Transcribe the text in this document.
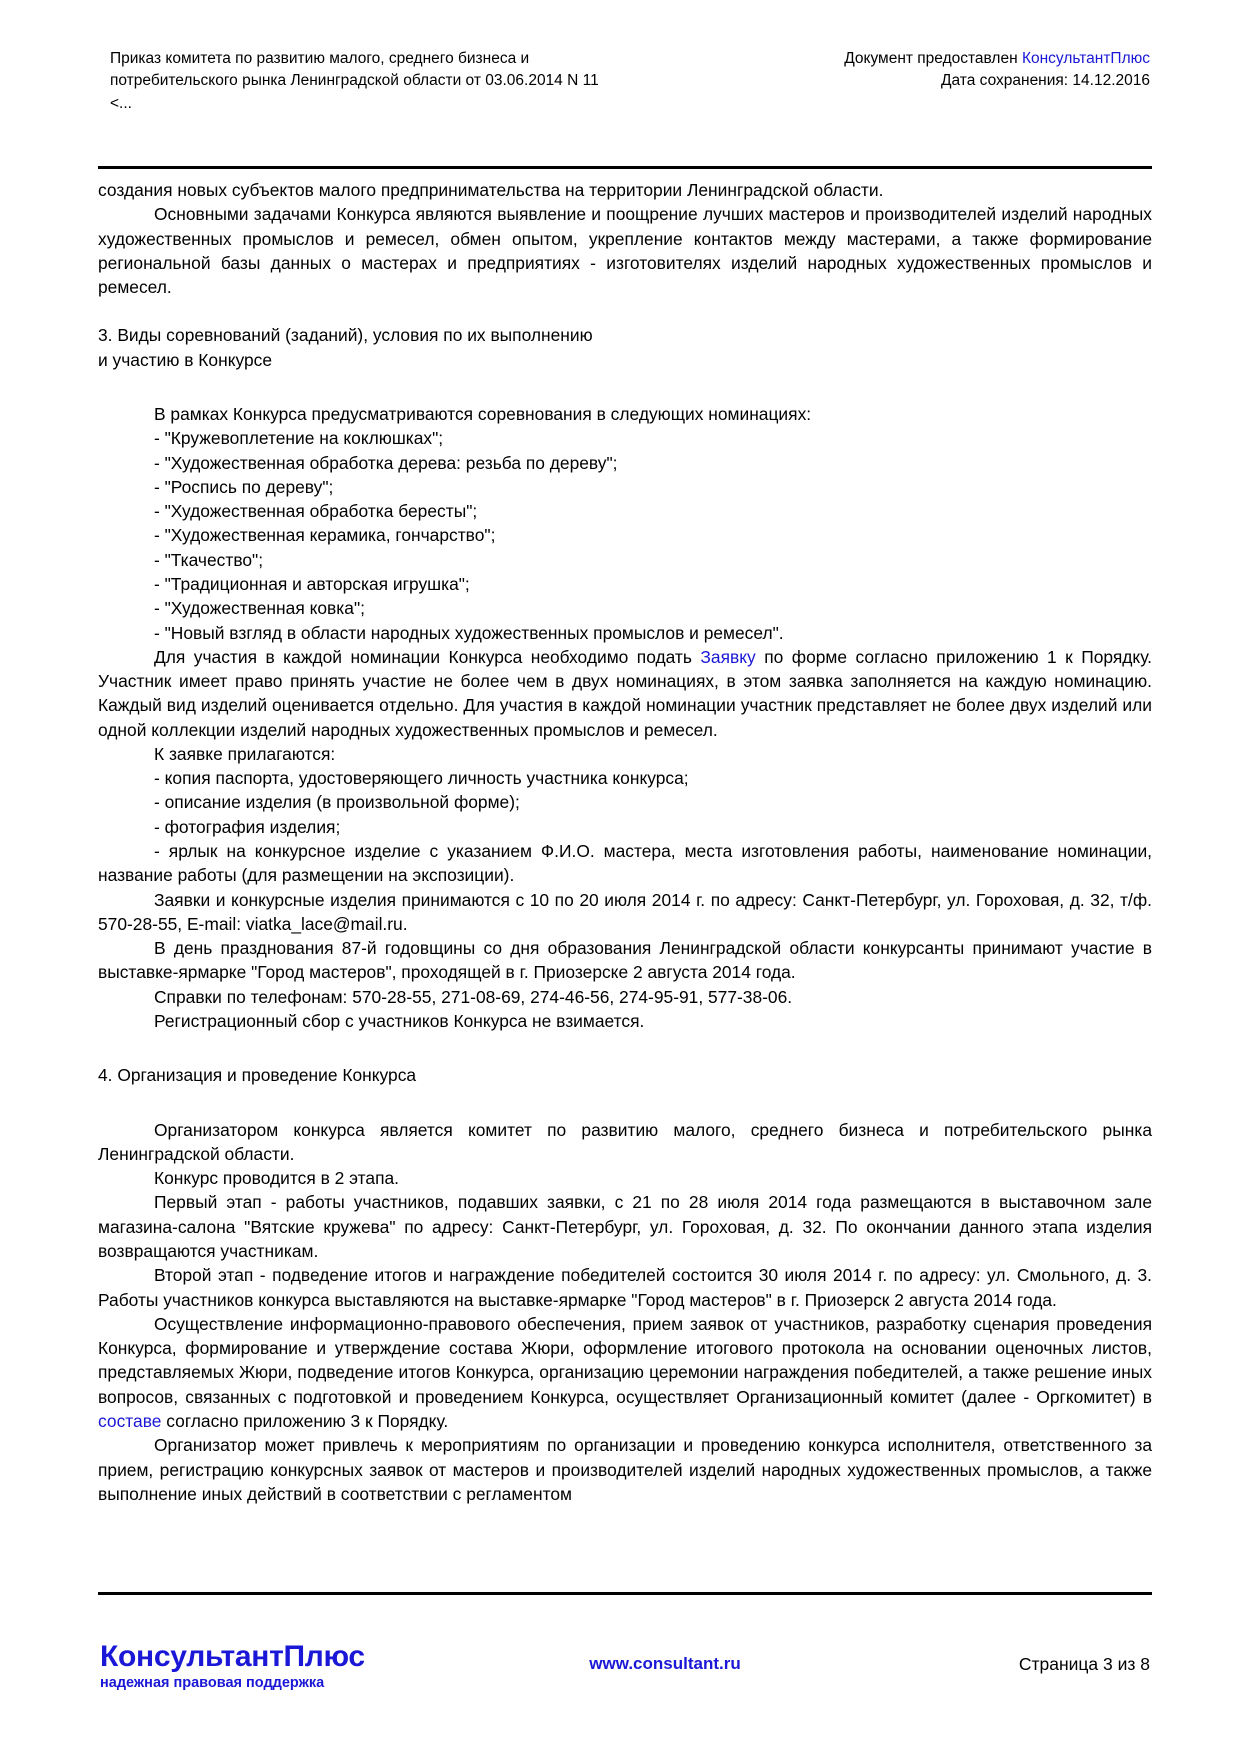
Приказ комитета по развитию малого, среднего бизнеса и
потребительского рынка Ленинградской области от 03.06.2014 N 11
<...
Документ предоставлен КонсультантПлюс
Дата сохранения: 14.12.2016

создания новых субъектов малого предпринимательства на территории Ленинградской области.

Основными задачами Конкурса являются выявление и поощрение лучших мастеров и производителей изделий народных художественных промыслов и ремесел, обмен опытом, укрепление контактов между мастерами, а также формирование региональной базы данных о мастерах и предприятиях - изготовителях изделий народных художественных промыслов и ремесел.

3. Виды соревнований (заданий), условия по их выполнению

и участию в Конкурсе

В рамках Конкурса предусматриваются соревнования в следующих номинациях:

- "Кружевоплетение на коклюшках";

- "Художественная обработка дерева: резьба по дереву";

- "Роспись по дереву";

- "Художественная обработка бересты";

- "Художественная керамика, гончарство";

- "Ткачество";

- "Традиционная и авторская игрушка";

- "Художественная ковка";

- "Новый взгляд в области народных художественных промыслов и ремесел".

Для участия в каждой номинации Конкурса необходимо подать Заявку по форме согласно приложению 1 к Порядку. Участник имеет право принять участие не более чем в двух номинациях, в этом заявка заполняется на каждую номинацию. Каждый вид изделий оценивается отдельно. Для участия в каждой номинации участник представляет не более двух изделий или одной коллекции изделий народных художественных промыслов и ремесел.

К заявке прилагаются:

- копия паспорта, удостоверяющего личность участника конкурса;

- описание изделия (в произвольной форме);

- фотография изделия;

- ярлык на конкурсное изделие с указанием Ф.И.О. мастера, места изготовления работы, наименование номинации, название работы (для размещении на экспозиции).

Заявки и конкурсные изделия принимаются с 10 по 20 июля 2014 г. по адресу: Санкт-Петербург, ул. Гороховая, д. 32, т/ф. 570-28-55, E-mail: viatka_lace@mail.ru.

В день празднования 87-й годовщины со дня образования Ленинградской области конкурсанты принимают участие в выставке-ярмарке "Город мастеров", проходящей в г. Приозерске 2 августа 2014 года.

Справки по телефонам: 570-28-55, 271-08-69, 274-46-56, 274-95-91, 577-38-06.

Регистрационный сбор с участников Конкурса не взимается.

4. Организация и проведение Конкурса

Организатором конкурса является комитет по развитию малого, среднего бизнеса и потребительского рынка Ленинградской области.

Конкурс проводится в 2 этапа.

Первый этап - работы участников, подавших заявки, с 21 по 28 июля 2014 года размещаются в выставочном зале магазина-салона "Вятские кружева" по адресу: Санкт-Петербург, ул. Гороховая, д. 32. По окончании данного этапа изделия возвращаются участникам.

Второй этап - подведение итогов и награждение победителей состоится 30 июля 2014 г. по адресу: ул. Смольного, д. 3. Работы участников конкурса выставляются на выставке-ярмарке "Город мастеров" в г. Приозерск 2 августа 2014 года.

Осуществление информационно-правового обеспечения, прием заявок от участников, разработку сценария проведения Конкурса, формирование и утверждение состава Жюри, оформление итогового протокола на основании оценочных листов, представляемых Жюри, подведение итогов Конкурса, организацию церемонии награждения победителей, а также решение иных вопросов, связанных с подготовкой и проведением Конкурса, осуществляет Организационный комитет (далее - Оргкомитет) в составе согласно приложению 3 к Порядку.

Организатор может привлечь к мероприятиям по организации и проведению конкурса исполнителя, ответственного за прием, регистрацию конкурсных заявок от мастеров и производителей изделий народных художественных промыслов, а также выполнение иных действий в соответствии с регламентом

КонсультантПлюс
надежная правовая поддержка
www.consultant.ru	Страница 3 из 8
